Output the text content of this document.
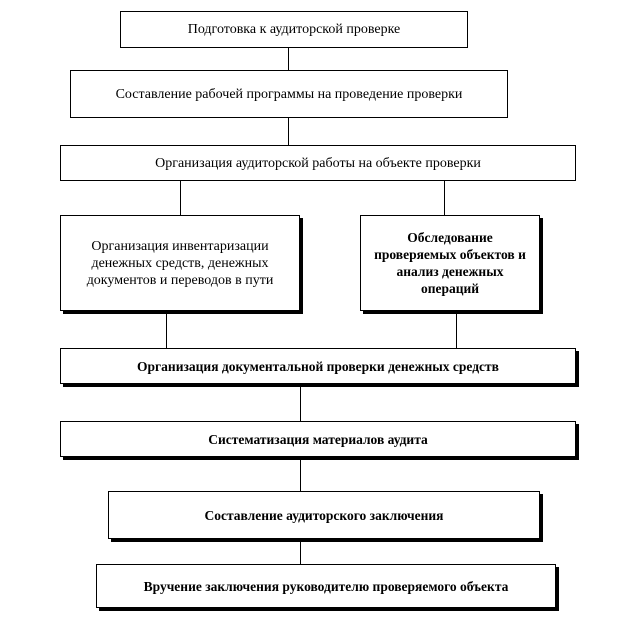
Подготовка к аудиторской проверке
Составление рабочей программы на проведение проверки
Организация аудиторской работы на объекте проверки
Организация инвентаризации денежных средств, денежных документов и переводов в пути
Обследование проверяемых объектов и анализ денежных операций
Организация документальной проверки денежных средств
Систематизация материалов аудита
Составление аудиторского заключения
Вручение заключения руководителю проверяемого объекта
